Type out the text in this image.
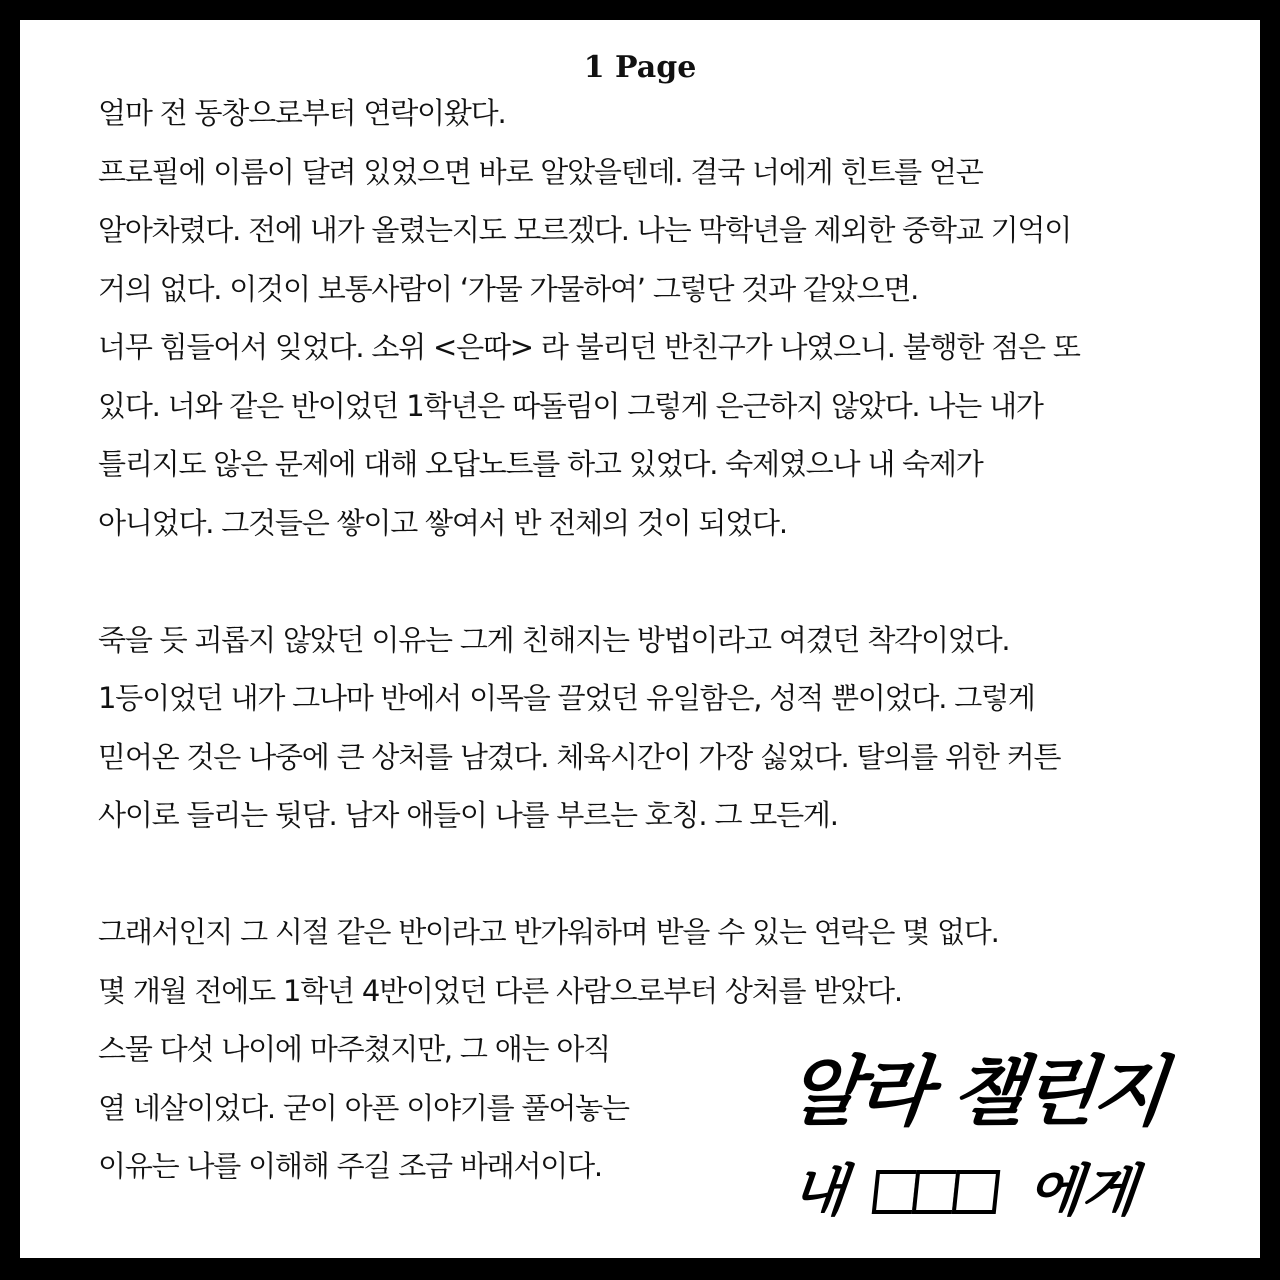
1 Page
얼마 전 동창으로부터 연락이왔다.
프로필에 이름이 달려 있었으면 바로 알았을텐데. 결국 너에게 힌트를 얻곤
알아차렸다. 전에 내가 올렸는지도 모르겠다. 나는 막학년을 제외한 중학교 기억이
거의 없다. 이것이 보통사람이 ‘가물 가물하여’ 그렇단 것과 같았으면.
너무 힘들어서 잊었다. 소위 <은따> 라 불리던 반친구가 나였으니. 불행한 점은 또
있다. 너와 같은 반이었던 1학년은 따돌림이 그렇게 은근하지 않았다. 나는 내가
틀리지도 않은 문제에 대해 오답노트를 하고 있었다. 숙제였으나 내 숙제가
아니었다. 그것들은 쌓이고 쌓여서 반 전체의 것이 되었다.
죽을 듯 괴롭지 않았던 이유는 그게 친해지는 방법이라고 여겼던 착각이었다.
1등이었던 내가 그나마 반에서 이목을 끌었던 유일함은, 성적 뿐이었다. 그렇게
믿어온 것은 나중에 큰 상처를 남겼다. 체육시간이 가장 싫었다. 탈의를 위한 커튼
사이로 들리는 뒷담. 남자 애들이 나를 부르는 호칭. 그 모든게.
그래서인지 그 시절 같은 반이라고 반가워하며 받을 수 있는 연락은 몇 없다.
몇 개월 전에도 1학년 4반이었던 다른 사람으로부터 상처를 받았다.
스물 다섯 나이에 마주쳤지만, 그 애는 아직
열 네살이었다. 굳이 아픈 이야기를 풀어놓는
이유는 나를 이해해 주길 조금 바래서이다.
알라 챌린지
내	에게
